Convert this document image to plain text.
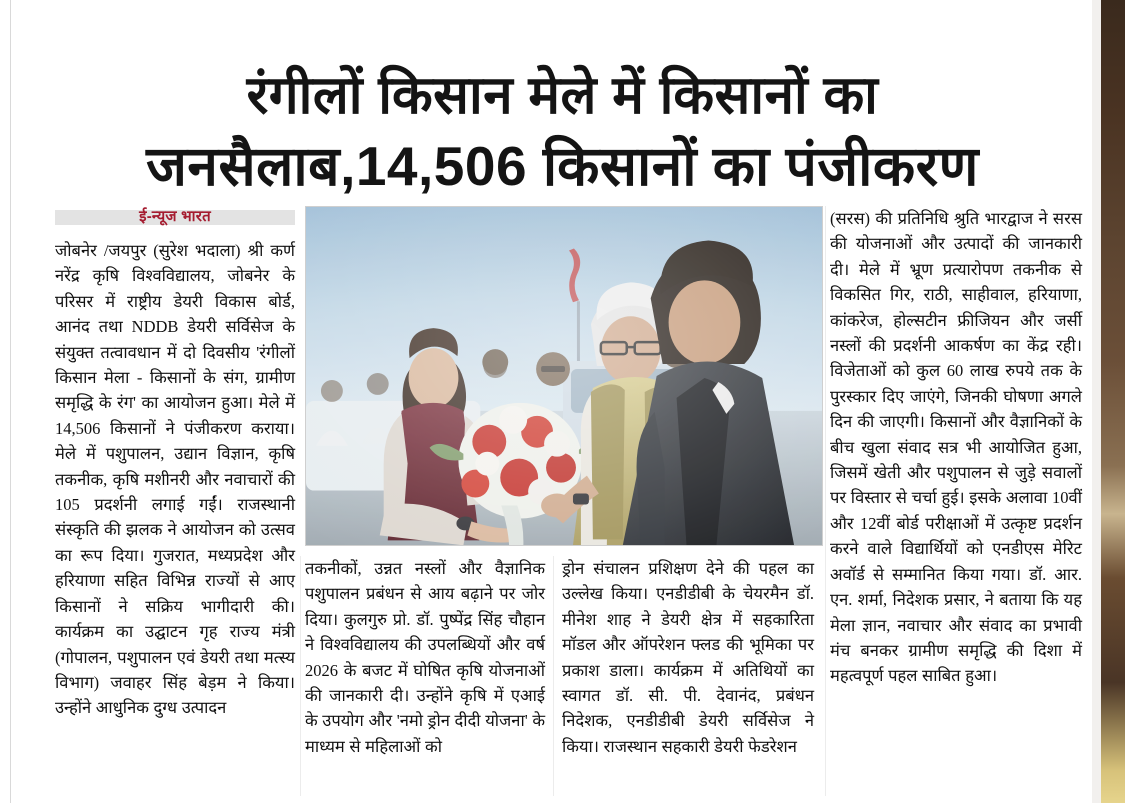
रंगीलों किसान मेले में किसानों का
जनसैलाब,14,506 किसानों का पंजीकरण
ई-न्यूज भारत

जोबनेर /जयपुर (सुरेश भदाला) श्री कर्ण नरेंद्र कृषि विश्वविद्यालय, जोबनेर के परिसर में राष्ट्रीय डेयरी विकास बोर्ड, आनंद तथा NDDB डेयरी सर्विसेज के संयुक्त तत्वावधान में दो दिवसीय 'रंगीलों किसान मेला - किसानों के संग, ग्रामीण समृद्धि के रंग' का आयोजन हुआ। मेले में 14,506 किसानों ने पंजीकरण कराया। मेले में पशुपालन, उद्यान विज्ञान, कृषि तकनीक, कृषि मशीनरी और नवाचारों की 105 प्रदर्शनी लगाई गईं। राजस्थानी संस्कृति की झलक ने आयोजन को उत्सव का रूप दिया। गुजरात, मध्यप्रदेश और हरियाणा सहित विभिन्न राज्यों से आए किसानों ने सक्रिय भागीदारी की। कार्यक्रम का उद्घाटन गृह राज्य मंत्री (गोपालन, पशुपालन एवं डेयरी तथा मत्स्य विभाग) जवाहर सिंह बेड़म ने किया। उन्होंने आधुनिक दुग्ध उत्पादन

तकनीकों, उन्नत नस्लों और वैज्ञानिक पशुपालन प्रबंधन से आय बढ़ाने पर जोर दिया। कुलगुरु प्रो. डॉ. पुष्पेंद्र सिंह चौहान ने विश्वविद्यालय की उपलब्धियों और वर्ष 2026 के बजट में घोषित कृषि योजनाओं की जानकारी दी। उन्होंने कृषि में एआई के उपयोग और 'नमो ड्रोन दीदी योजना' के माध्यम से महिलाओं को

ड्रोन संचालन प्रशिक्षण देने की पहल का उल्लेख किया। एनडीडीबी के चेयरमैन डॉ. मीनेश शाह ने डेयरी क्षेत्र में सहकारिता मॉडल और ऑपरेशन फ्लड की भूमिका पर प्रकाश डाला। कार्यक्रम में अतिथियों का स्वागत डॉ. सी. पी. देवानंद, प्रबंधन निदेशक, एनडीडीबी डेयरी सर्विसेज ने किया। राजस्थान सहकारी डेयरी फेडरेशन

(सरस) की प्रतिनिधि श्रुति भारद्वाज ने सरस की योजनाओं और उत्पादों की जानकारी दी। मेले में भ्रूण प्रत्यारोपण तकनीक से विकसित गिर, राठी, साहीवाल, हरियाणा, कांकरेज, होल्सटीन फ्रीजियन और जर्सी नस्लों की प्रदर्शनी आकर्षण का केंद्र रही। विजेताओं को कुल 60 लाख रुपये तक के पुरस्कार दिए जाएंगे, जिनकी घोषणा अगले दिन की जाएगी। किसानों और वैज्ञानिकों के बीच खुला संवाद सत्र भी आयोजित हुआ, जिसमें खेती और पशुपालन से जुड़े सवालों पर विस्तार से चर्चा हुई। इसके अलावा 10वीं और 12वीं बोर्ड परीक्षाओं में उत्कृष्ट प्रदर्शन करने वाले विद्यार्थियों को एनडीएस मेरिट अवॉर्ड से सम्मानित किया गया। डॉ. आर. एन. शर्मा, निदेशक प्रसार, ने बताया कि यह मेला ज्ञान, नवाचार और संवाद का प्रभावी मंच बनकर ग्रामीण समृद्धि की दिशा में महत्वपूर्ण पहल साबित हुआ।
